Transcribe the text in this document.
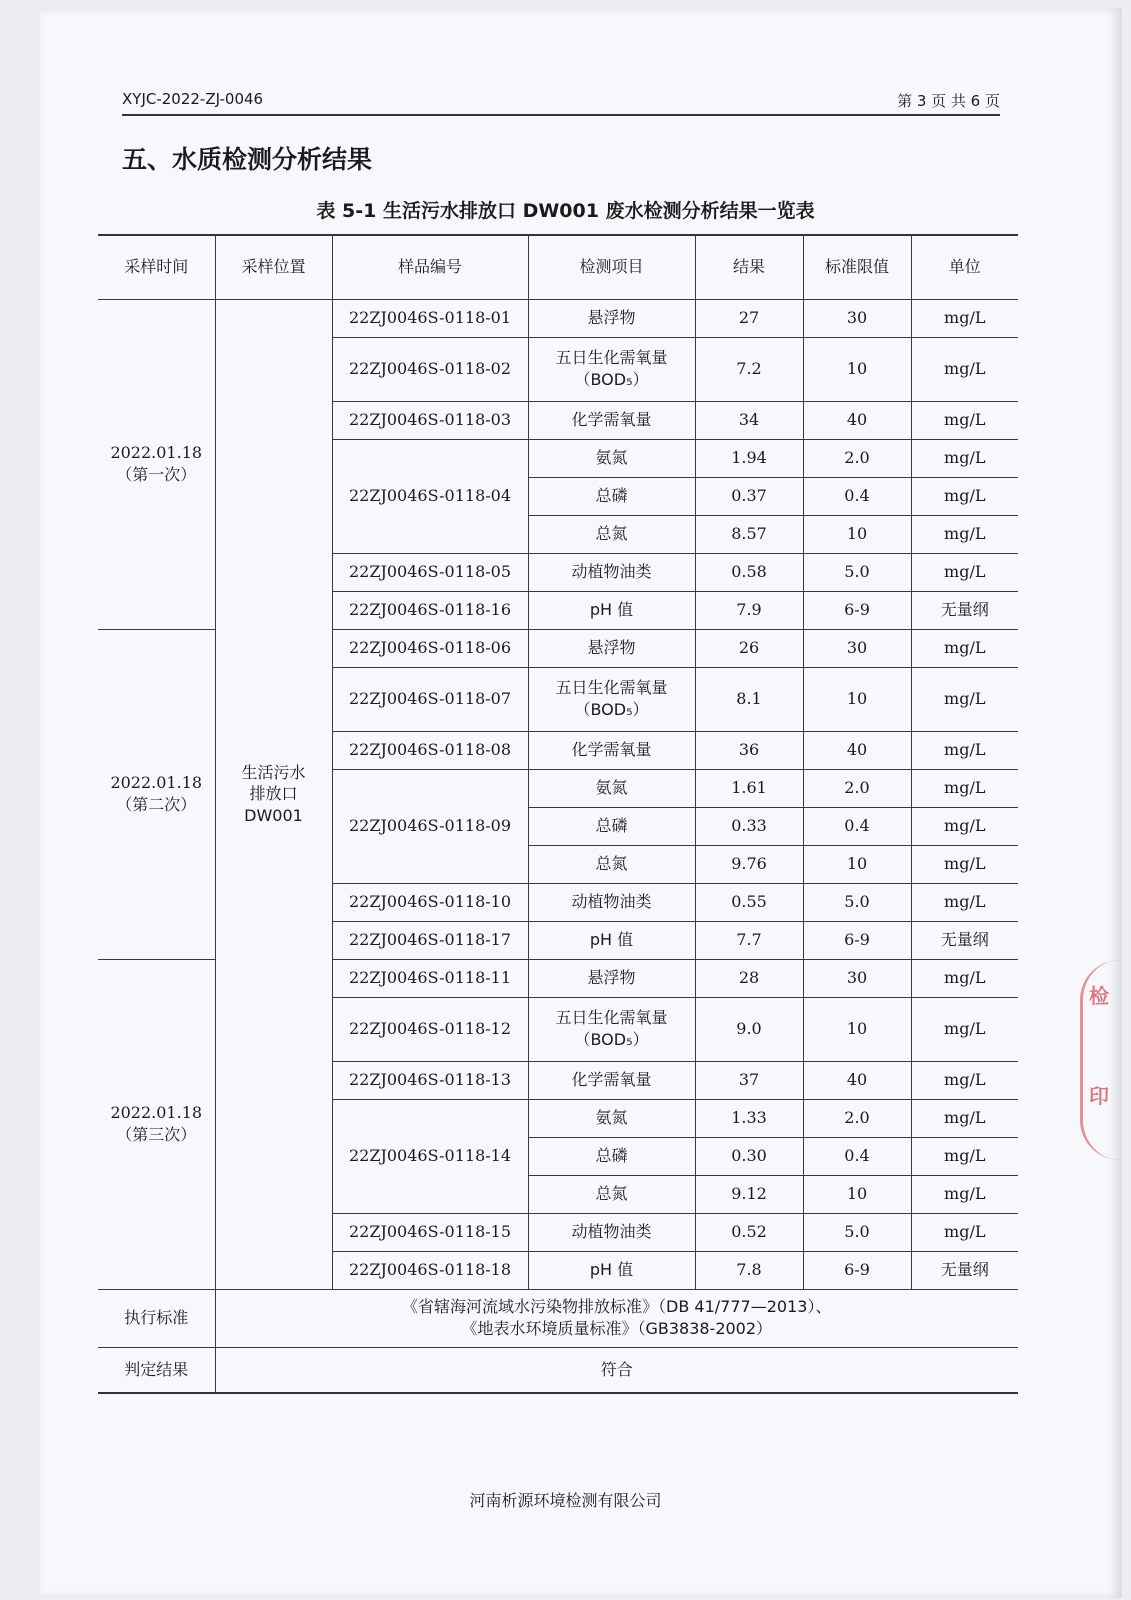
XYJC-2022-ZJ-0046	第 3 页 共 6 页
五、水质检测分析结果
表 5-1 生活污水排放口 DW001 废水检测分析结果一览表
采样时间	采样位置	样品编号	检测项目	结果	标准限值	单位

2022.01.18
（第一次）	生活污水排放口DW001	22ZJ0046S-0118-01	悬浮物	27	30	mg/L
		22ZJ0046S-0118-02	五日生化需氧量（BOD₅）	7.2	10	mg/L
		22ZJ0046S-0118-03	化学需氧量	34	40	mg/L
		22ZJ0046S-0118-04	氨氮	1.94	2.0	mg/L
			总磷	0.37	0.4	mg/L
			总氮	8.57	10	mg/L
		22ZJ0046S-0118-05	动植物油类	0.58	5.0	mg/L
		22ZJ0046S-0118-16	pH 值	7.9	6-9	无量纲

2022.01.18
（第二次）		22ZJ0046S-0118-06	悬浮物	26	30	mg/L
		22ZJ0046S-0118-07	五日生化需氧量（BOD₅）	8.1	10	mg/L
		22ZJ0046S-0118-08	化学需氧量	36	40	mg/L
		22ZJ0046S-0118-09	氨氮	1.61	2.0	mg/L
			总磷	0.33	0.4	mg/L
			总氮	9.76	10	mg/L
		22ZJ0046S-0118-10	动植物油类	0.55	5.0	mg/L
		22ZJ0046S-0118-17	pH 值	7.7	6-9	无量纲

2022.01.18
（第三次）		22ZJ0046S-0118-11	悬浮物	28	30	mg/L
		22ZJ0046S-0118-12	五日生化需氧量（BOD₅）	9.0	10	mg/L
		22ZJ0046S-0118-13	化学需氧量	37	40	mg/L
		22ZJ0046S-0118-14	氨氮	1.33	2.0	mg/L
			总磷	0.30	0.4	mg/L
			总氮	9.12	10	mg/L
		22ZJ0046S-0118-15	动植物油类	0.52	5.0	mg/L
		22ZJ0046S-0118-18	pH 值	7.8	6-9	无量纲
执行标准	《省辖海河流域水污染物排放标准》（DB 41/777—2013）、
《地表水环境质量标准》（GB3838-2002）					

判定结果	符合					
河南析源环境检测有限公司
检
印
